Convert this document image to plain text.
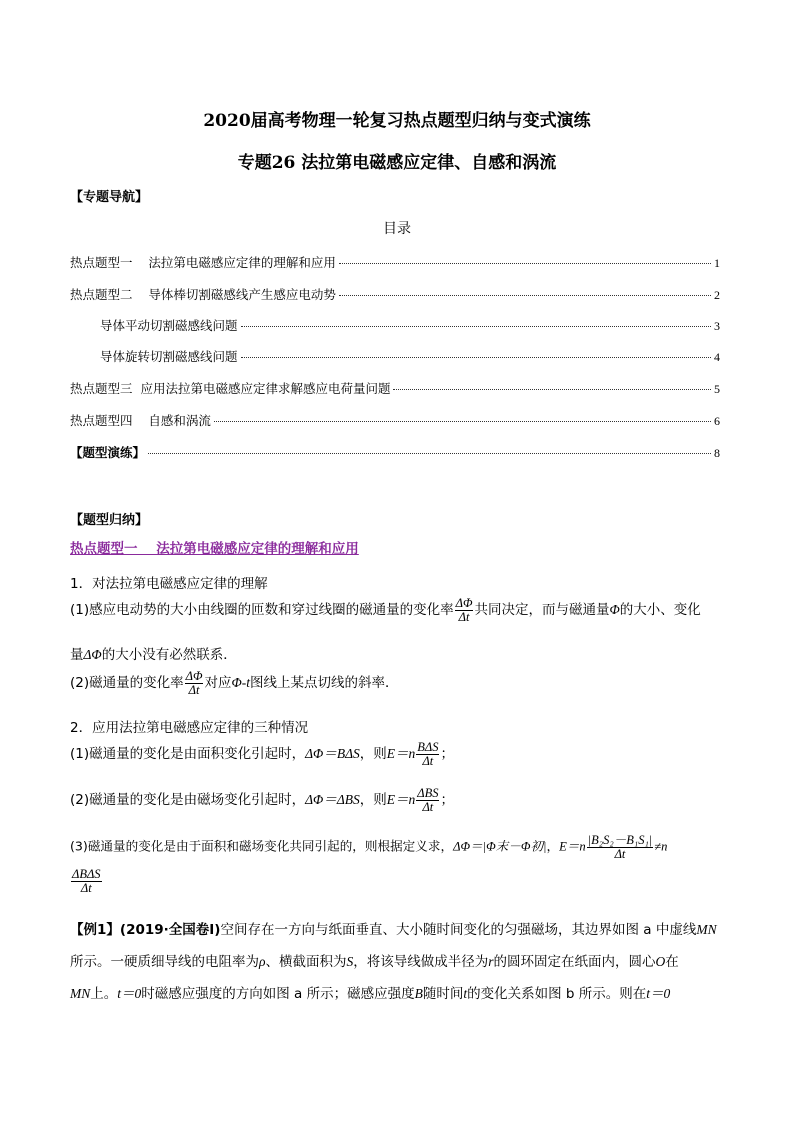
2020届高考物理一轮复习热点题型归纳与变式演练
专题26 法拉第电磁感应定律、自感和涡流
【专题导航】
目录
热点题型一    法拉第电磁感应定律的理解和应用	1
热点题型二    导体棒切割磁感线产生感应电动势	2
导体平动切割磁感线问题	3
导体旋转切割磁感线问题	4
热点题型三  应用法拉第电磁感应定律求解感应电荷量问题	5
热点题型四    自感和涡流	6
【题型演练】	8
【题型归纳】
热点题型一    法拉第电磁感应定律的理解和应用
1．对法拉第电磁感应定律的理解
(1)感应电动势的大小由线圈的匝数和穿过线圈的磁通量的变化率 $\frac{\Delta\Phi}{\Delta t}$ 共同决定，而与磁通量Φ的大小、变化
量ΔΦ的大小没有必然联系．
(2)磁通量的变化率 $\frac{\Delta\Phi}{\Delta t}$ 对应Φ-t图线上某点切线的斜率．
2．应用法拉第电磁感应定律的三种情况
(1)磁通量的变化是由面积变化引起时，ΔΦ＝BΔS，则$E=n \frac{\text{BΔS}}{\Delta t}$ ；
(2)磁通量的变化是由磁场变化引起时，ΔΦ＝ΔBS，则$E=n \frac{\text{ΔBS}}{\Delta t}$ ；
(3)磁通量的变化是由于面积和磁场变化共同引起的，则根据定义求，ΔΦ＝|Φ末－Φ初|，$E=n \frac{\text{|B₂S₂－B₁S₁|}}{\Delta t} \ne n$
$\frac{\text{ΔBΔS}}{\Delta t}$
【例1】(2019·全国卷Ⅰ)空间存在一方向与纸面垂直、大小随时间变化的匀强磁场，其边界如图 a 中虚线MN
所示。一硬质细导线的电阻率为ρ、横截面积为S，将该导线做成半径为r的圆环固定在纸面内，圆心O在
MN上。t＝0时磁感应强度的方向如图 a 所示；磁感应强度B随时间t的变化关系如图 b 所示。则在t＝0
